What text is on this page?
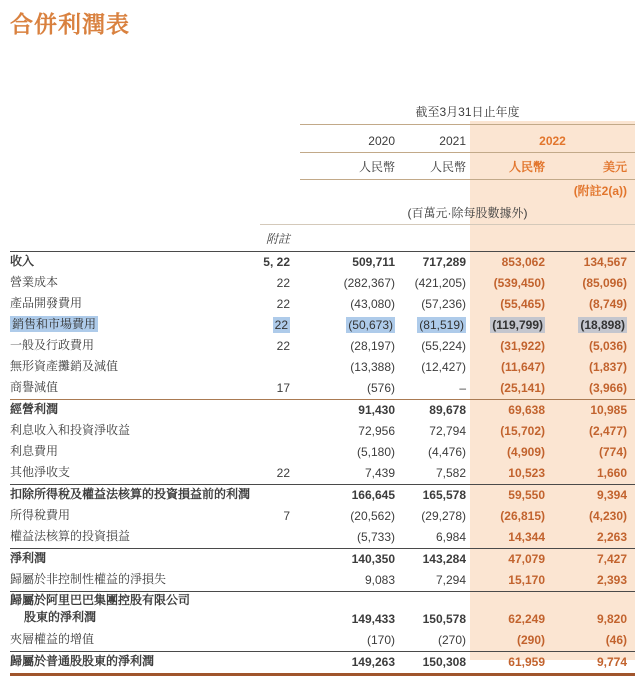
合併利潤表
		截至3月31日止年度			
		2020	2021	2022	
		人民幣	人民幣	人民幣	美元
					(附註2(a))
		(百萬元·除每股數據外)			
	附註				
收入	5, 22	509,711	717,289	853,062	134,567
營業成本	22	(282,367)	(421,205)	(539,450)	(85,096)
產品開發費用	22	(43,080)	(57,236)	(55,465)	(8,749)
銷售和市場費用	22	(50,673)	(81,519)	(119,799)	(18,898)
一般及行政費用	22	(28,197)	(55,224)	(31,922)	(5,036)
無形資產攤銷及減值		(13,388)	(12,427)	(11,647)	(1,837)
商譽減值	17	(576)	–	(25,141)	(3,966)
經營利潤		91,430	89,678	69,638	10,985
利息收入和投資淨收益		72,956	72,794	(15,702)	(2,477)
利息費用		(5,180)	(4,476)	(4,909)	(774)
其他淨收支	22	7,439	7,582	10,523	1,660
扣除所得稅及權益法核算的投資損益前的利潤		166,645	165,578	59,550	9,394
所得稅費用	7	(20,562)	(29,278)	(26,815)	(4,230)
權益法核算的投資損益		(5,733)	6,984	14,344	2,263
淨利潤		140,350	143,284	47,079	7,427
歸屬於非控制性權益的淨損失		9,083	7,294	15,170	2,393

歸屬於阿里巴巴集團控股有限公司
股東的淨利潤		149,433	150,578	62,249	9,820
夾層權益的增值		(170)	(270)	(290)	(46)
歸屬於普通股股東的淨利潤		149,263	150,308	61,959	9,774
